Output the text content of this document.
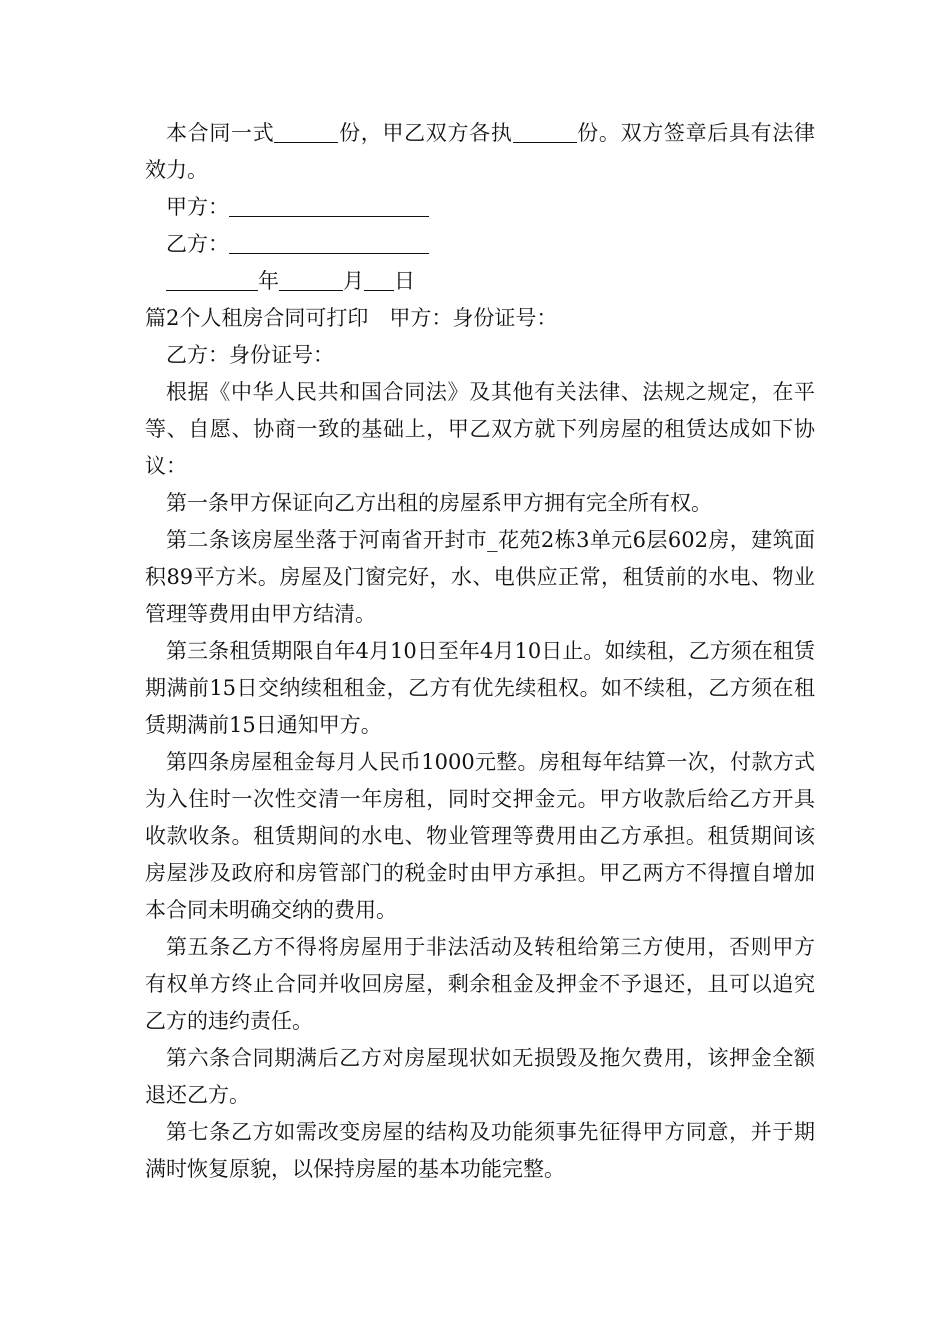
本合同一式	份，甲乙双方各执	份。双方签章后具有法律效力。

甲方：

乙方：

年	月 日

篇2个人租房合同可打印　甲方：身份证号：

乙方：身份证号：

根据《中华人民共和国合同法》及其他有关法律、法规之规定，在平等、自愿、协商一致的基础上，甲乙双方就下列房屋的租赁达成如下协议：

第一条甲方保证向乙方出租的房屋系甲方拥有完全所有权。

第二条该房屋坐落于河南省开封市_花苑2栋3单元6层602房，建筑面积89平方米。房屋及门窗完好，水、电供应正常，租赁前的水电、物业管理等费用由甲方结清。

第三条租赁期限自年4月10日至年4月10日止。如续租，乙方须在租赁期满前15日交纳续租租金，乙方有优先续租权。如不续租，乙方须在租赁期满前15日通知甲方。

第四条房屋租金每月人民币1000元整。房租每年结算一次，付款方式为入住时一次性交清一年房租，同时交押金元。甲方收款后给乙方开具收款收条。租赁期间的水电、物业管理等费用由乙方承担。租赁期间该房屋涉及政府和房管部门的税金时由甲方承担。甲乙两方不得擅自增加本合同未明确交纳的费用。

第五条乙方不得将房屋用于非法活动及转租给第三方使用，否则甲方有权单方终止合同并收回房屋，剩余租金及押金不予退还，且可以追究乙方的违约责任。

第六条合同期满后乙方对房屋现状如无损毁及拖欠费用，该押金全额退还乙方。

第七条乙方如需改变房屋的结构及功能须事先征得甲方同意，并于期满时恢复原貌，以保持房屋的基本功能完整。
